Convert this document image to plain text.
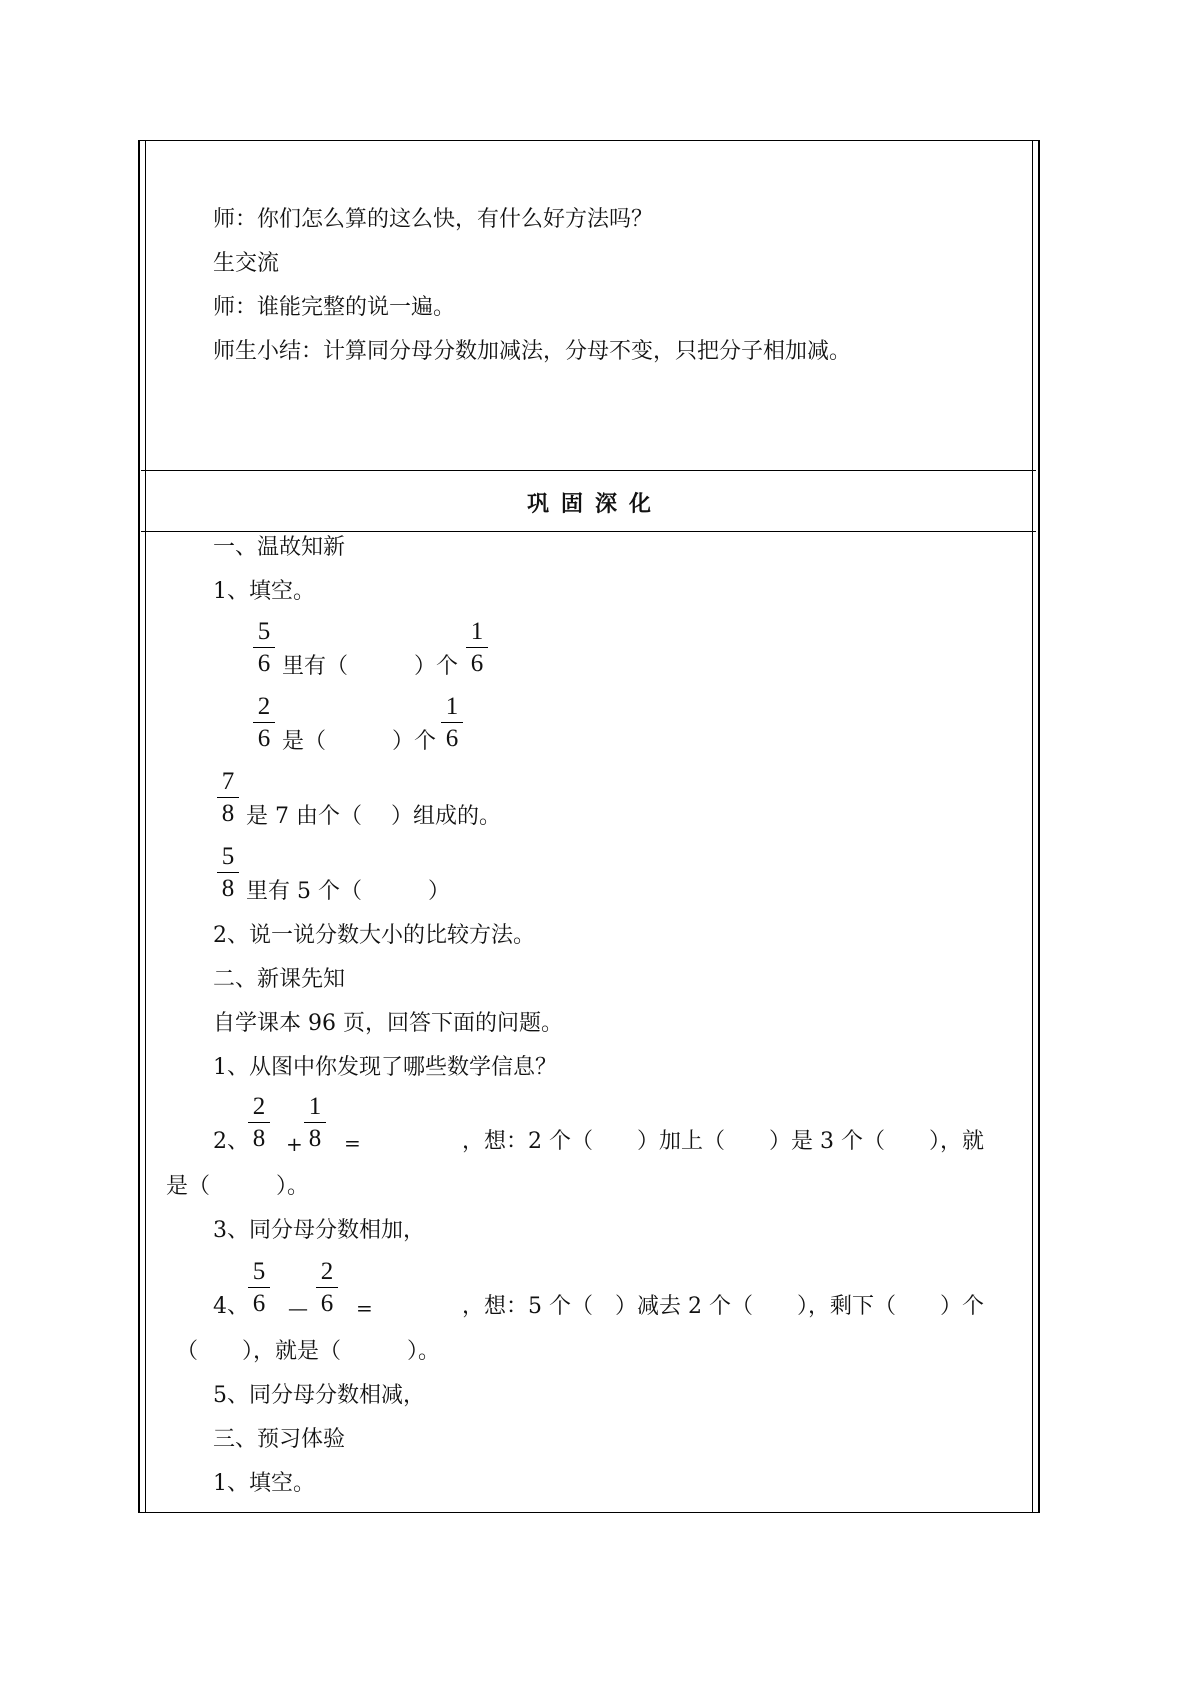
师：你们怎么算的这么快，有什么好方法吗？
生交流
师：谁能完整的说一遍。
师生小结：计算同分母分数加减法，分母不变，只把分子相加减。
巩固深化
一、温故知新
1、填空。
5
6 里有（　　　）个
1
6
2
6 是（　　　）个
1
6
7
8 是 7 由个（　 ）组成的。
5
8 里有 5 个（　　　）
2、说一说分数大小的比较方法。
二、新课先知
自学课本 96 页，回答下面的问题。
1、从图中你发现了哪些数学信息？
2、
2
8 +
1
8 =	，想：2 个（　　）加上（　　）是 3 个（　　），就
是（　　　）。
3、同分母分数相加，
4、
5
6 —
2
6 =	，想：5 个（　）减去 2 个（　　），剩下（　　）个
（　　），就是（　　　）。
5、同分母分数相减，
三、预习体验
1、填空。
